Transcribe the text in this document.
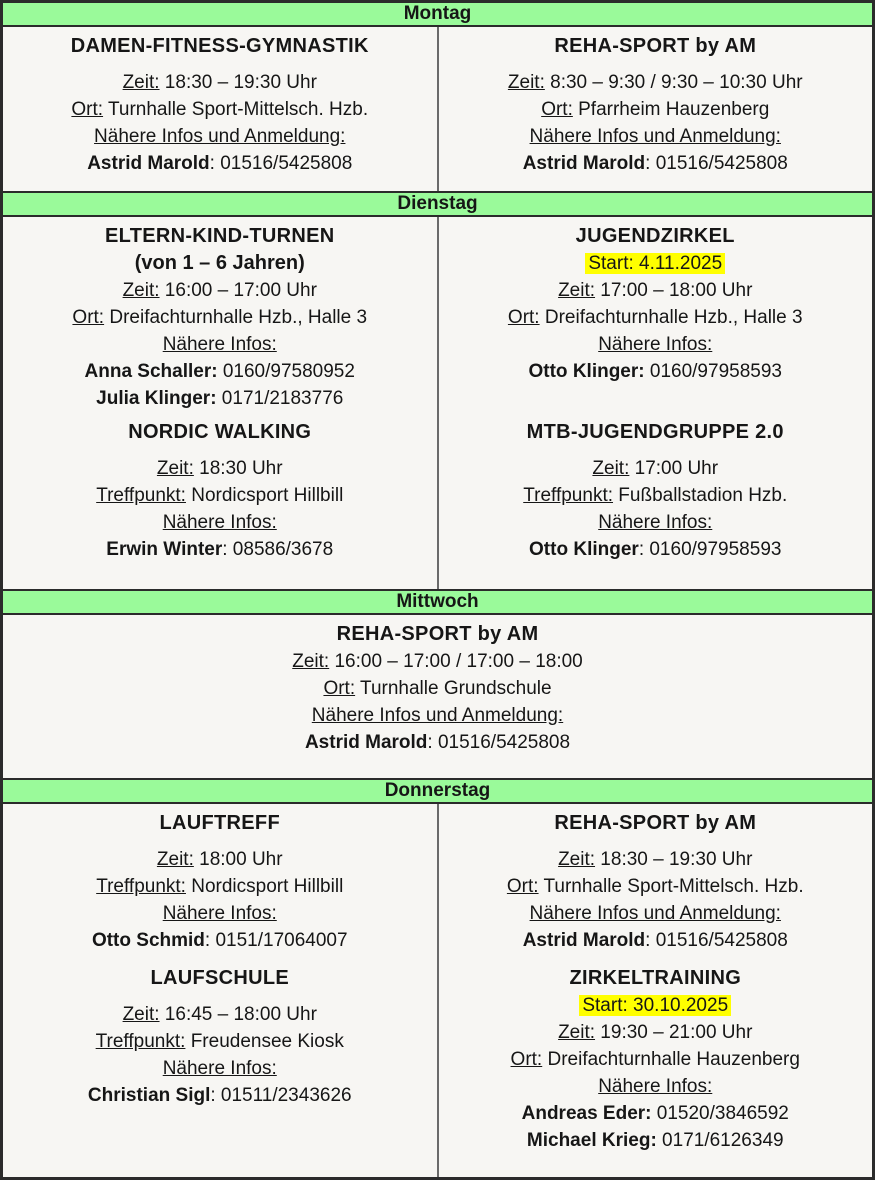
Montag
DAMEN-FITNESS-GYMNASTIK
Zeit: 18:30 – 19:30 Uhr
Ort: Turnhalle Sport-Mittelsch. Hzb.
Nähere Infos und Anmeldung:
Astrid Marold: 01516/5425808
REHA-SPORT by AM
Zeit: 8:30 – 9:30 / 9:30 – 10:30 Uhr
Ort: Pfarrheim Hauzenberg
Nähere Infos und Anmeldung:
Astrid Marold: 01516/5425808
Dienstag
ELTERN-KIND-TURNEN
(von 1 – 6 Jahren)
Zeit: 16:00 – 17:00 Uhr
Ort: Dreifachturnhalle Hzb., Halle 3
Nähere Infos:
Anna Schaller: 0160/97580952
Julia Klinger: 0171/2183776
JUGENDZIRKEL
Start: 4.11.2025
Zeit: 17:00 – 18:00 Uhr
Ort: Dreifachturnhalle Hzb., Halle 3
Nähere Infos:
Otto Klinger: 0160/97958593
NORDIC WALKING
Zeit: 18:30 Uhr
Treffpunkt: Nordicsport Hillbill
Nähere Infos:
Erwin Winter: 08586/3678
MTB-JUGENDGRUPPE 2.0
Zeit: 17:00 Uhr
Treffpunkt: Fußballstadion Hzb.
Nähere Infos:
Otto Klinger: 0160/97958593
Mittwoch
REHA-SPORT by AM
Zeit: 16:00 – 17:00 / 17:00 – 18:00
Ort: Turnhalle Grundschule
Nähere Infos und Anmeldung:
Astrid Marold: 01516/5425808
Donnerstag
LAUFTREFF
Zeit: 18:00 Uhr
Treffpunkt: Nordicsport Hillbill
Nähere Infos:
Otto Schmid: 0151/17064007
REHA-SPORT by AM
Zeit: 18:30 – 19:30 Uhr
Ort: Turnhalle Sport-Mittelsch. Hzb.
Nähere Infos und Anmeldung:
Astrid Marold: 01516/5425808
LAUFSCHULE
Zeit: 16:45 – 18:00 Uhr
Treffpunkt: Freudensee Kiosk
Nähere Infos:
Christian Sigl: 01511/2343626
ZIRKELTRAINING
Start: 30.10.2025
Zeit: 19:30 – 21:00 Uhr
Ort: Dreifachturnhalle Hauzenberg
Nähere Infos:
Andreas Eder: 01520/3846592
Michael Krieg: 0171/6126349
